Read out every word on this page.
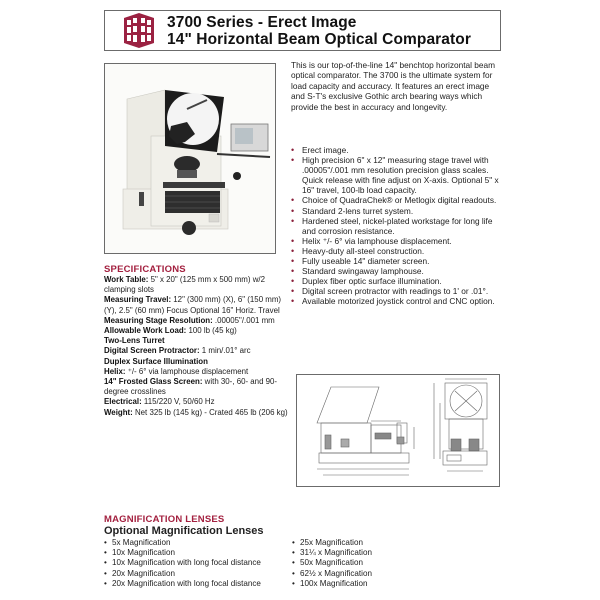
3700 Series - Erect Image
14" Horizontal Beam Optical Comparator
This is our top-of-the-line 14" benchtop horizontal beam optical comparator. The 3700 is the ultimate system for load capacity and accuracy. It features an erect image and S-T's exclusive Gothic arch bearing ways which provide the best in accuracy and longevity.
• Erect image.
• High precision 6" x 12" measuring stage travel with .00005"/.001 mm resolution precision glass scales. Quick release with fine adjust on X-axis. Optional 5" x 16" travel, 100-lb load capacity.
• Choice of QuadraChek® or Metlogix digital readouts.
• Standard 2-lens turret system.
• Hardened steel, nickel-plated workstage for long life and corrosion resistance.
• Helix ⁺/- 6° via lamphouse displacement.
• Heavy-duty all-steel construction.
• Fully useable 14" diameter screen.
• Standard swingaway lamphouse.
• Duplex fiber optic surface illumination.
• Digital screen protractor with readings to 1' or .01°.
• Available motorized joystick control and CNC option.
SPECIFICATIONS
Work Table: 5" x 20" (125 mm x 500 mm) w/2 clamping slots
Measuring Travel: 12" (300 mm) (X), 6" (150 mm) (Y), 2.5" (60 mm) Focus Optional 16" Horiz. Travel
Measuring Stage Resolution: .00005"/.001 mm
Allowable Work Load: 100 lb (45 kg)
Two-Lens Turret
Digital Screen Protractor: 1 min/.01° arc
Duplex Surface Illumination
Helix: ⁺/- 6° via lamphouse displacement
14" Frosted Glass Screen: with 30-, 60- and 90-degree crosslines
Electrical: 115/220 V, 50/60 Hz
Weight: Net 325 lb (145 kg) - Crated 465 lb (206 kg)
MAGNIFICATION LENSES
Optional Magnification Lenses
• 5x Magnification
• 10x Magnification
• 10x Magnification with long focal distance
• 20x Magnification
• 20x Magnification with long focal distance
• 25x Magnification
• 31¼ x Magnification
• 50x Magnification
• 62½ x Magnification
• 100x Magnification
